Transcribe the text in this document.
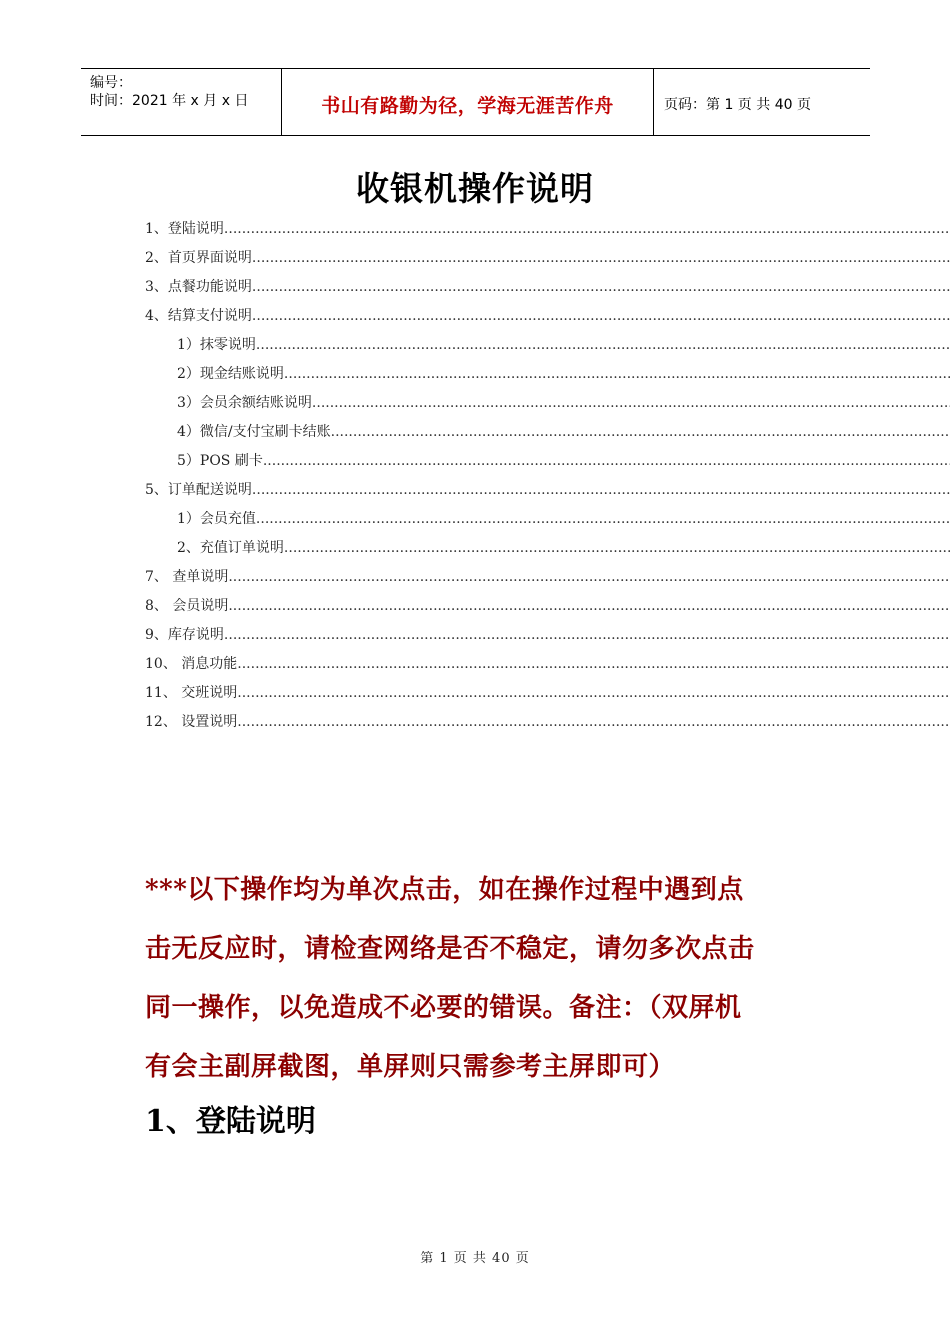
编号：
时间：2021 年 x 月 x 日	书山有路勤为径，学海无涯苦作舟	页码：第 1 页 共 40 页
收银机操作说明
1、登陆说明
.....
2、首页界面说明
.....
3、点餐功能说明
.....
4、结算支付说明
.....
1）抹零说明
.....
2）现金结账说明
.....
3）会员余额结账说明
.....
4）微信/支付宝刷卡结账
.....
5）POS 刷卡
.....
5、订单配送说明
.....
1）会员充值
.....
2、充值订单说明
.....
7、 查单说明
.....
8、 会员说明
.....
9、库存说明
.....
10、 消息功能
.....
11、 交班说明
.....
12、 设置说明
.....
***以下操作均为单次点击，如在操作过程中遇到点
击无反应时，请检查网络是否不稳定，请勿多次点击
同一操作，以免造成不必要的错误。备注：（双屏机
有会主副屏截图，单屏则只需参考主屏即可）
1、登陆说明
第 1 页 共 40 页
